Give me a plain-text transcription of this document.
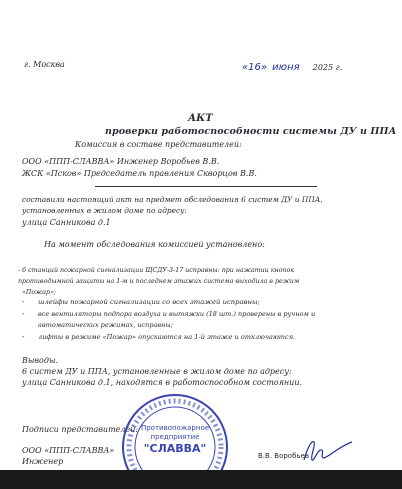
г. Москва	«16» июня 2025 г.
АКТ
проверки работоспособности системы ДУ и ППА
Комиссия в составе представителей:
ООО «ППП-СЛАВВА» Инженер Воробьев В.В.
ЖСК «Псков» Председатель правления Скворцов В.В.
составили настоящий акт на предмет обследования 6 систем ДУ и ППА,
установленных в жилом доме по адресу:
улица Санникова д.1
На момент обследования комиссией установлено:
- 6 станций пожарной сигнализации ЩСДУ-3-17 исправны: при нажатии кнопок
противодымной защиты на 1-м и последнем этажах система выходила в режим
«Пожар»;
- шлейфы пожарной сигнализации со всех этажей исправны;
- все вентиляторы подпора воздуха и вытяжки (18 шт.) проверены в ручном и
автоматических режимах, исправны;
- лифты в режиме «Пожар» опускаются на 1-й этаже и отключаются.
Выводы.
6 систем ДУ и ППА, установленные в жилом доме по адресу:
улица Санникова д.1, находятся в работоспособном состоянии.
Подписи представителей:
ООО «ППП-СЛАВВА»
Инженер
В.В. Воробьев
Противопожарное
предприятие
"СЛАВВА"
